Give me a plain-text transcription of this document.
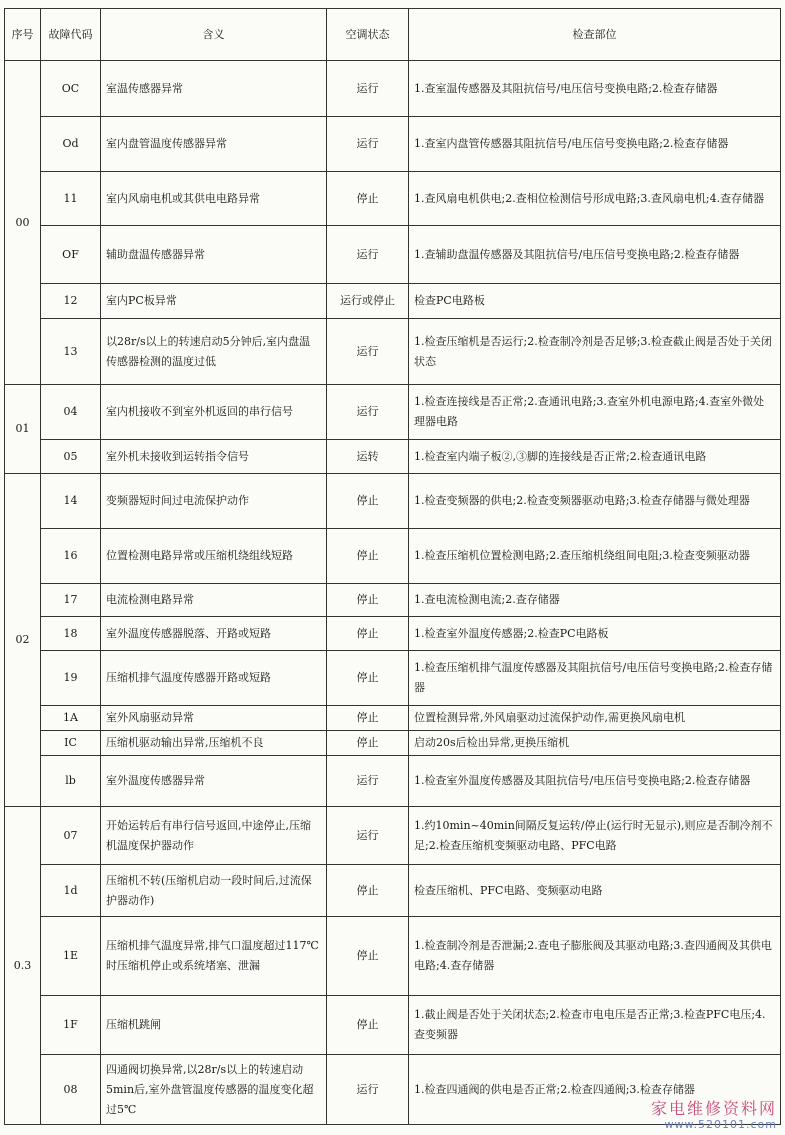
序号	故障代码	含义	空调状态	检查部位
00	OC	室温传感器异常	运行	1.查室温传感器及其阻抗信号/电压信号变换电路;2.检查存储器
	Od	室内盘管温度传感器异常	运行	1.查室内盘管传感器其阻抗信号/电压信号变换电路;2.检查存储器
	11	室内风扇电机或其供电电路异常	停止	1.查风扇电机供电;2.查相位检测信号形成电路;3.查风扇电机;4.查存储器
	OF	辅助盘温传感器异常	运行	1.查辅助盘温传感器及其阻抗信号/电压信号变换电路;2.检查存储器
	12	室内PC板异常	运行或停止	检查PC电路板
	13	以28r/s以上的转速启动5分钟后,室内盘温传感器检测的温度过低	运行	1.检查压缩机是否运行;2.检查制冷剂是否足够;3.检查截止阀是否处于关闭状态
01	04	室内机接收不到室外机返回的串行信号	运行	1.检查连接线是否正常;2.查通讯电路;3.查室外机电源电路;4.查室外微处理器电路
	05	室外机未接收到运转指令信号	运转	1.检查室内端子板②,③脚的连接线是否正常;2.检查通讯电路
02	14	变频器短时间过电流保护动作	停止	1.检查变频器的供电;2.检查变频器驱动电路;3.检查存储器与微处理器
	16	位置检测电路异常或压缩机绕组线短路	停止	1.检查压缩机位置检测电路;2.查压缩机绕组间电阻;3.检查变频驱动器
	17	电流检测电路异常	停止	1.查电流检测电流;2.查存储器
	18	室外温度传感器脱落、开路或短路	停止	1.检查室外温度传感器;2.检查PC电路板
	19	压缩机排气温度传感器开路或短路	停止	1.检查压缩机排气温度传感器及其阻抗信号/电压信号变换电路;2.检查存储器
	1A	室外风扇驱动异常	停止	位置检测异常,外风扇驱动过流保护动作,需更换风扇电机
	IC	压缩机驱动输出异常,压缩机不良	停止	启动20s后检出异常,更换压缩机
	lb	室外温度传感器异常	运行	1.检查室外温度传感器及其阻抗信号/电压信号变换电路;2.检查存储器
0.3	07	开始运转后有串行信号返回,中途停止,压缩机温度保护器动作	运行	1.约10min~40min间隔反复运转/停止(运行时无显示),则应是否制冷剂不足;2.检查压缩机变频驱动电路、PFC电路
	1d	压缩机不转(压缩机启动一段时间后,过流保护器动作)	停止	检查压缩机、PFC电路、变频驱动电路
	1E	压缩机排气温度异常,排气口温度超过117℃时压缩机停止或系统堵塞、泄漏	停止	1.检查制冷剂是否泄漏;2.查电子膨胀阀及其驱动电路;3.查四通阀及其供电电路;4.查存储器
	1F	压缩机跳闸	停止	1.截止阀是否处于关闭状态;2.检查市电电压是否正常;3.检查PFC电压;4.查变频器
	08	四通阀切换异常,以28r/s以上的转速启动5min后,室外盘管温度传感器的温度变化超过5℃	运行	1.检查四通阀的供电是否正常;2.检查四通阀;3.检查存储器
家电维修资料网
www.520101.com
